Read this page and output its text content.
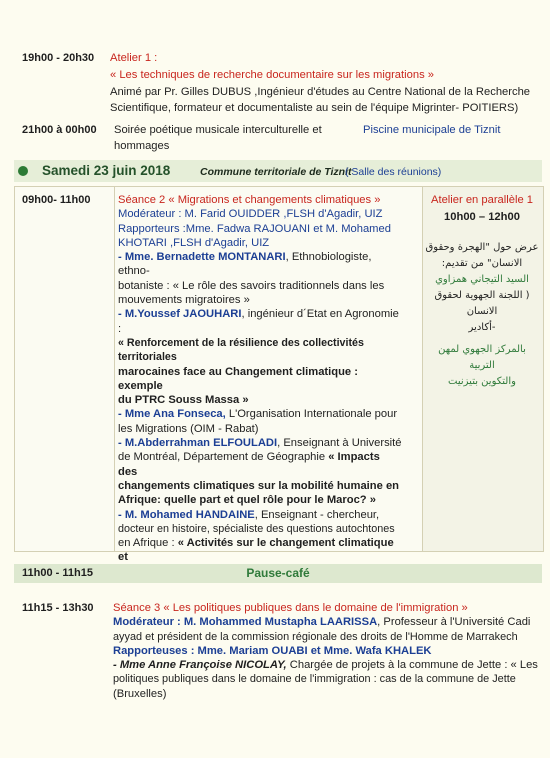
19h00 - 20h30 Atelier 1 :
« Les techniques de recherche documentaire sur les migrations »
Animé par Pr. Gilles DUBUS ,Ingénieur d'études au Centre National de la Recherche
Scientifique, formateur et documentaliste au sein de l'équipe Migrinter- POITIERS)
21h00 à 00h00 Soirée poétique musicale interculturelle et
hommages
Piscine municipale de Tiznit
Samedi 23 juin 2018	Commune territoriale de Tiznit
( Salle des réunions)
09h00- 11h00 Séance 2 « Migrations et changements climatiques »
Modérateur : M. Farid OUIDDER ,FLSH d'Agadir, UIZ
Rapporteurs :Mme. Fadwa RAJOUANI et M. Mohamed
KHOTARI ,FLSH d'Agadir, UIZ
- Mme. Bernadette MONTANARI, Ethnobiologiste, ethno-
botaniste : « Le rôle des savoirs traditionnels dans les
mouvements migratoires »
- M.Youssef JAOUHARI, ingénieur d´Etat en Agronomie :
« Renforcement de la résilience des collectivités territoriales
marocaines face au Changement climatique : exemple
du PTRC Souss Massa »
- Mme Ana Fonseca, L'Organisation Internationale pour
les Migrations (OIM - Rabat)
- M.Abderrahman ELFOULADI, Enseignant à Université
de Montréal, Département de Géographie « Impacts des
changements climatiques sur la mobilité humaine en
Afrique: quelle part et quel rôle pour le Maroc? »
- M. Mohamed HANDAINE, Enseignant - chercheur,
docteur en histoire, spécialiste des questions autochtones
en Afrique : « Activités sur le changement climatique et
Atelier en parallèle 1
10h00 – 12h00
عرض حول "الهجرة وحقوق
الانسان" من تقديم:
السيد التيجاني همزاوي
( اللجنة الجهوية لحقوق الانسان
-أكادير
بالمركز الجهوي لمهن التربية
والتكوين بتيزنيت
11h00 - 11h15	Pause-café
11h15 - 13h30 Séance 3 « Les politiques publiques dans le domaine de l'immigration »
Modérateur : M. Mohammed Mustapha LAARISSA, Professeur à l'Université Cadi
ayyad et président de la commission régionale des droits de l'Homme de Marrakech
Rapporteuses : Mme. Mariam OUABI et Mme. Wafa KHALEK
- Mme Anne Françoise NICOLAY, Chargée de projets à la commune de Jette : « Les
politiques publiques dans le domaine de l'immigration : cas de la commune de Jette
(Bruxelles)
